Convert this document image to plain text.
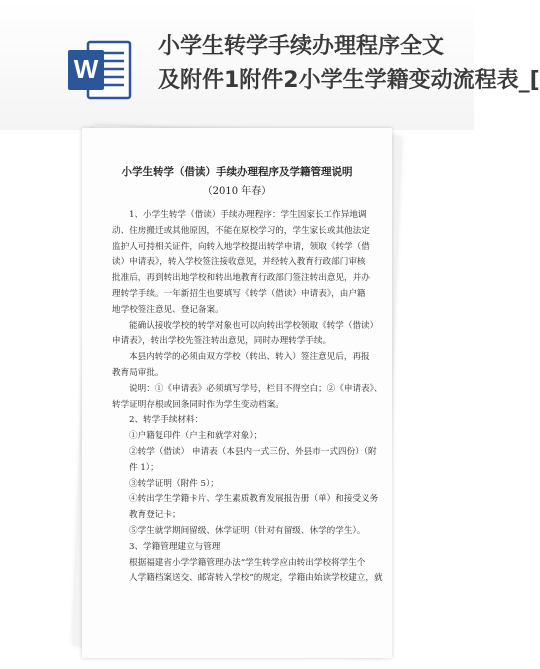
W
小学生转学手续办理程序全文
及附件1附件2小学生学籍变动流程表_[
小学生转学（借读）手续办理程序及学籍管理说明
（2010 年春）
1、小学生转学（借读）手续办理程序：学生因家长工作异地调
动、住房搬迁或其他原因，不能在原校学习的，学生家长或其他法定
监护人可持相关证件，向转入地学校提出转学申请，领取《转学（借
读）申请表》，转入学校签注接收意见，并经转入教育行政部门审核
批准后，再到转出地学校和转出地教育行政部门签注转出意见，并办
理转学手续。一年新招生也要填写《转学（借读）申请表》，由户籍
地学校签注意见、登记备案。
能确认接收学校的转学对象也可以向转出学校领取《转学（借读）
申请表》，转出学校先签注转出意见，同时办理转学手续。
本县内转学的必须由双方学校（转出、转入）签注意见后，再报
教育局审批。
说明：①《申请表》必须填写学号，栏目不得空白；②《申请表》、
转学证明存根或回条同时作为学生变动档案。
2、转学手续材料：
①户籍复印件（户主和就学对象）；
②转学（借读） 申请表（本县内一式三份、外县市一式四份）（附
件 1）；
③转学证明（附件 5）；
④转出学生学籍卡片、学生素质教育发展报告册（单）和接受义务
教育登记卡；
⑤学生就学期间留级、休学证明（针对有留级、休学的学生）。
3、学籍管理建立与管理
根据福建省小学学籍管理办法“学生转学应由转出学校将学生个
人学籍档案送交、邮寄转入学校”的规定，学籍由始读学校建立，就
